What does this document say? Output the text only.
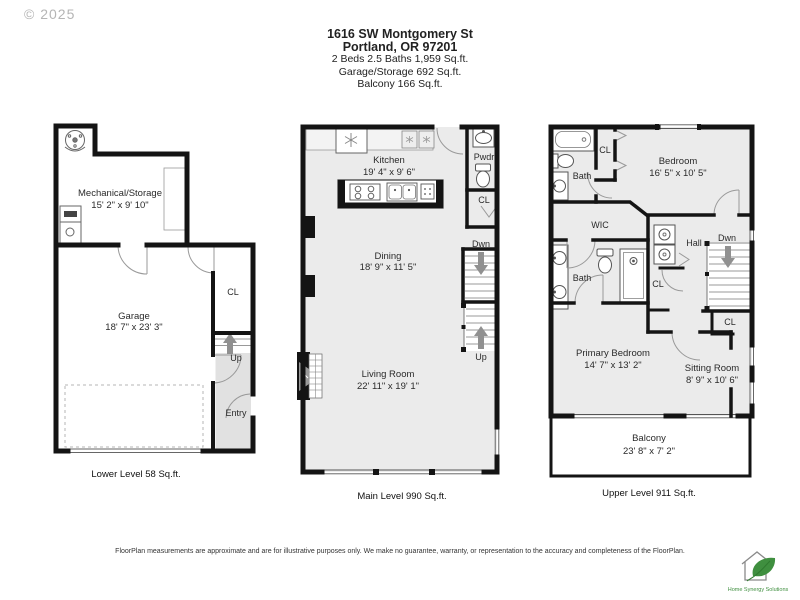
© 2025
1616 SW Montgomery St
Portland, OR 97201
2 Beds 2.5 Baths 1,959 Sq.ft.
Garage/Storage 692 Sq.ft.
Balcony 166 Sq.ft.
Mechanical/Storage
15' 2" x 9' 10"
Garage
18' 7" x 23' 3"
CL
Up
Entry
Lower Level 58 Sq.ft.
Kitchen
19' 4" x 9' 6"
Dining
18' 9" x 11' 5"
Living Room
22' 11" x 19' 1"
Pwdr
CL
Dwn
Up
Main Level 990 Sq.ft.
Bedroom
16' 5" x 10' 5"
Bath
CL
WIC
Bath
Hall Dwn
CL
CL
Primary Bedroom
14' 7" x 13' 2"	Sitting Room
8' 9" x 10' 6"
Balcony
23' 8" x 7' 2"
Upper Level 911 Sq.ft.
FloorPlan measurements are approximate and are for illustrative purposes only. We make no guarantee, warranty, or representation to the accuracy and completeness of the FloorPlan.
Home Synergy Solutions
